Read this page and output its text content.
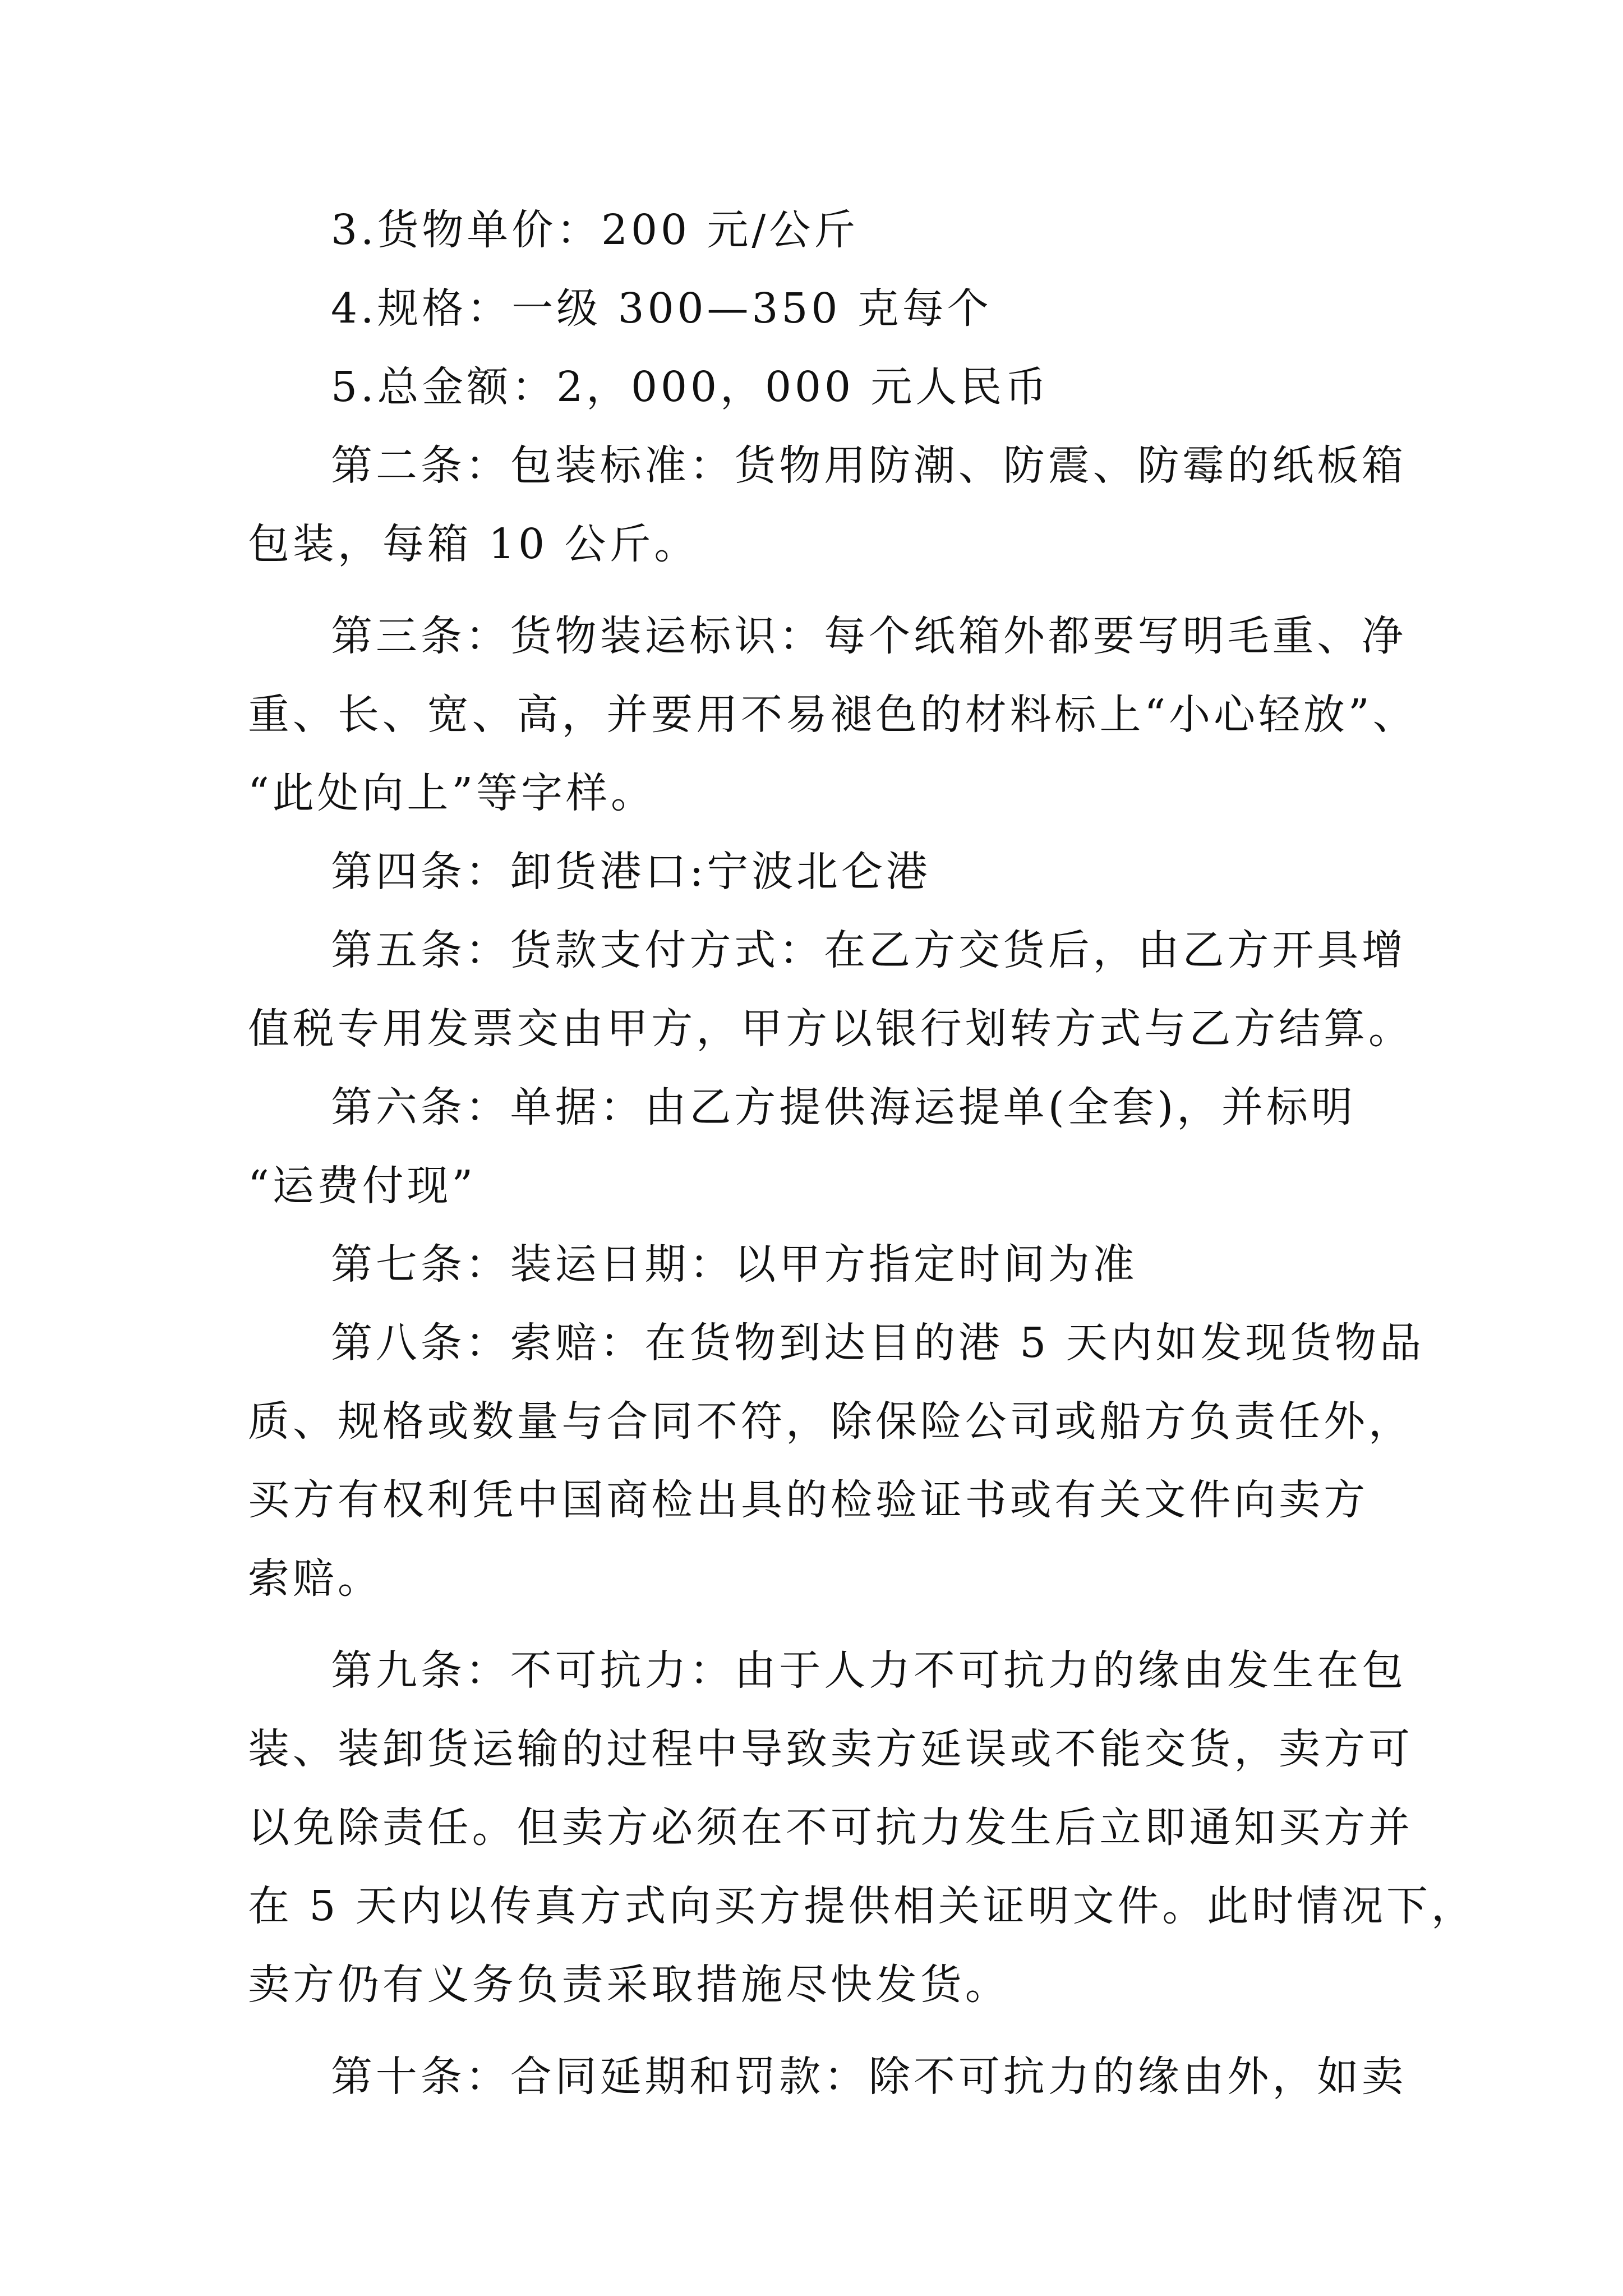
3.货物单价：200 元/公斤
4.规格：一级 300—350 克每个
5.总金额：2，000，000 元人民币
第二条：包装标准：货物用防潮、防震、防霉的纸板箱
包装，每箱 10 公斤。
第三条：货物装运标识：每个纸箱外都要写明毛重、净
重、长、宽、高，并要用不易褪色的材料标上“小心轻放”、
“此处向上”等字样。
第四条：卸货港口:宁波北仑港
第五条：货款支付方式：在乙方交货后，由乙方开具增
值税专用发票交由甲方，甲方以银行划转方式与乙方结算。
第六条：单据：由乙方提供海运提单(全套)，并标明
“运费付现”
第七条：装运日期：以甲方指定时间为准
第八条：索赔：在货物到达目的港 5 天内如发现货物品
质、规格或数量与合同不符，除保险公司或船方负责任外，
买方有权利凭中国商检出具的检验证书或有关文件向卖方
索赔。
第九条：不可抗力：由于人力不可抗力的缘由发生在包
装、装卸货运输的过程中导致卖方延误或不能交货，卖方可
以免除责任。但卖方必须在不可抗力发生后立即通知买方并
在 5 天内以传真方式向买方提供相关证明文件。此时情况下，
卖方仍有义务负责采取措施尽快发货。
第十条：合同延期和罚款：除不可抗力的缘由外，如卖
